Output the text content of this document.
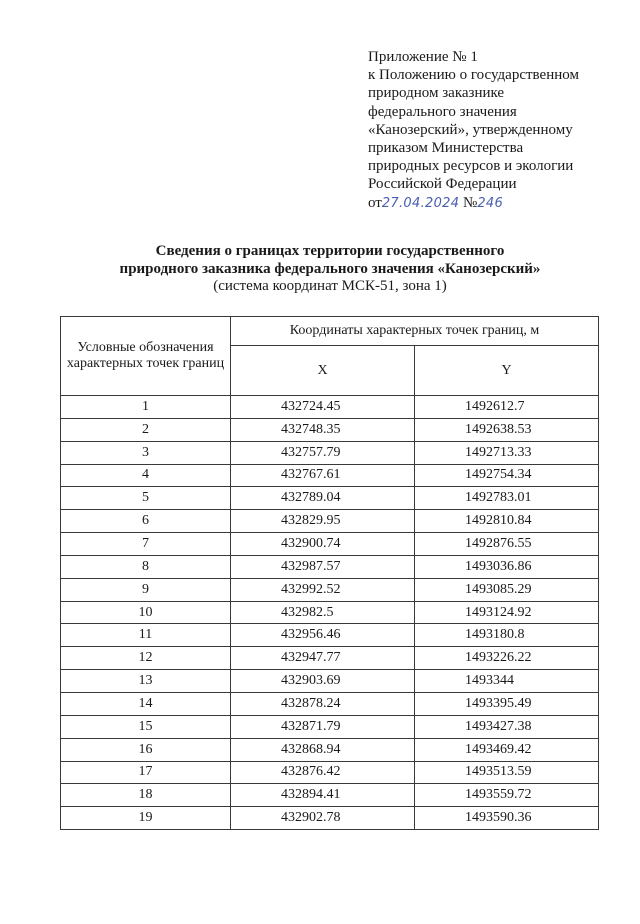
Приложение № 1
к Положению о государственном
природном заказнике
федерального значения
«Канозерский», утвержденному
приказом Министерства
природных ресурсов и экологии
Российской Федерации
от27.04.2024 №246
Сведения о границах территории государственного
природного заказника федерального значения «Канозерский»
(система координат МСК-51, зона 1)
Условные обозначения характерных точек границ	Координаты характерных точек границ, м	
	X	Y
1	432724.45	1492612.7
2	432748.35	1492638.53
3	432757.79	1492713.33
4	432767.61	1492754.34
5	432789.04	1492783.01
6	432829.95	1492810.84
7	432900.74	1492876.55
8	432987.57	1493036.86
9	432992.52	1493085.29
10	432982.5	1493124.92
11	432956.46	1493180.8
12	432947.77	1493226.22
13	432903.69	1493344
14	432878.24	1493395.49
15	432871.79	1493427.38
16	432868.94	1493469.42
17	432876.42	1493513.59
18	432894.41	1493559.72
19	432902.78	1493590.36
